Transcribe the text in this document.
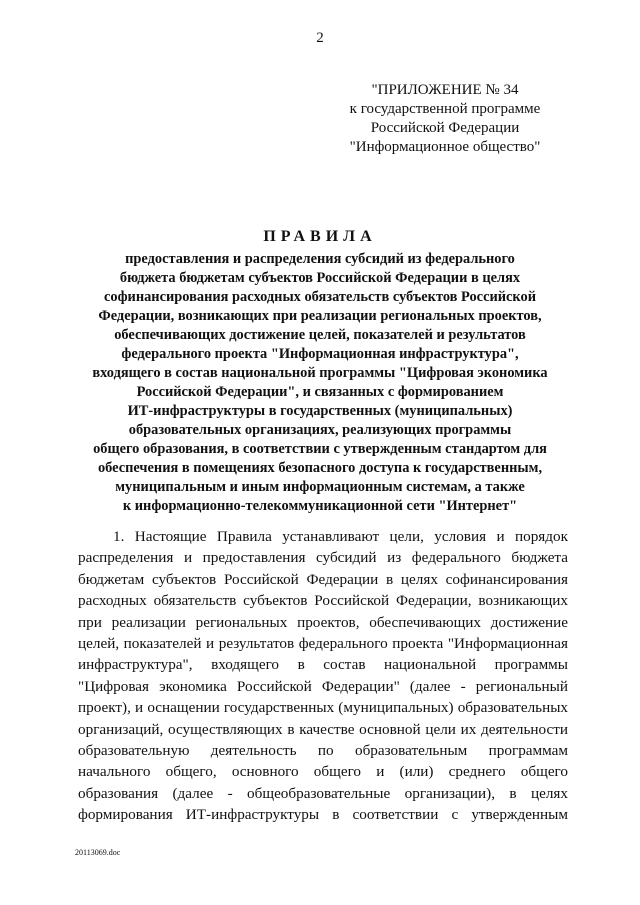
2
"ПРИЛОЖЕНИЕ № 34
к государственной программе
Российской Федерации
"Информационное общество"
ПРАВИЛА
предоставления и распределения субсидий из федерального
бюджета бюджетам субъектов Российской Федерации в целях
софинансирования расходных обязательств субъектов Российской
Федерации, возникающих при реализации региональных проектов,
обеспечивающих достижение целей, показателей и результатов
федерального проекта "Информационная инфраструктура",
входящего в состав национальной программы "Цифровая экономика
Российской Федерации", и связанных с формированием
ИТ-инфраструктуры в государственных (муниципальных)
образовательных организациях, реализующих программы
общего образования, в соответствии с утвержденным стандартом для
обеспечения в помещениях безопасного доступа к государственным,
муниципальным и иным информационным системам, а также
к информационно-телекоммуникационной сети "Интернет"
1. Настоящие Правила устанавливают цели, условия и порядок
распределения и предоставления субсидий из федерального бюджета
бюджетам субъектов Российской Федерации в целях софинансирования
расходных обязательств субъектов Российской Федерации, возникающих
при реализации региональных проектов, обеспечивающих достижение
целей, показателей и результатов федерального проекта "Информационная
инфраструктура", входящего в состав национальной программы
"Цифровая экономика Российской Федерации" (далее - региональный
проект), и оснащении государственных (муниципальных) образовательных
организаций, осуществляющих в качестве основной цели их деятельности
образовательную деятельность по образовательным программам
начального общего, основного общего и (или) среднего общего
образования (далее - общеобразовательные организации), в целях
формирования ИТ-инфраструктуры в соответствии с утвержденным
20113069.doc
